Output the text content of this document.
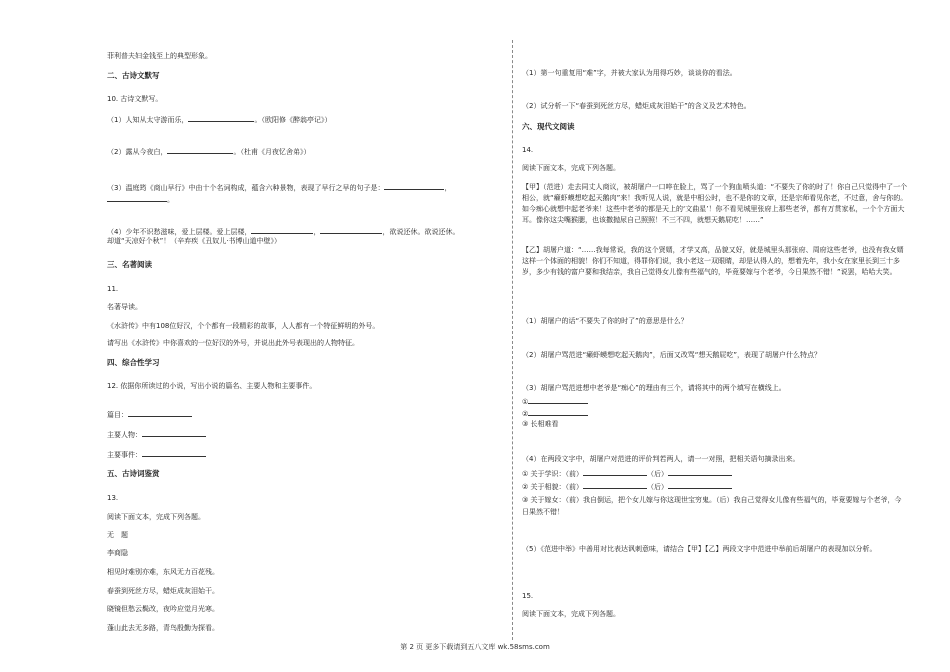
菲利普夫妇金钱至上的典型形象。
二、古诗文默写
10. 古诗文默写。
（1）人知从太守游而乐，	。（欧阳修《醉翁亭记》）
（2）露从今夜白，	。（杜甫《月夜忆舍弟》）
（3）温庭筠《商山早行》中由十个名词构成，蕴含六种景物，表现了早行之早的句子是：	，
。
（4）少年不识愁滋味，爱上层楼。爱上层楼，	，	，欲说还休。欲说还休。
却道“天凉好个秋”！（辛弃疾《丑奴儿·书博山道中壁》）
三、名著阅读
11.
名著导读。
《水浒传》中有108位好汉，个个都有一段精彩的故事，人人都有一个特征鲜明的外号。
请写出《水浒传》中你喜欢的一位好汉的外号，并说出此外号表现出的人物特征。
四、综合性学习
12. 依据你所读过的小说，写出小说的篇名、主要人物和主要事件。
篇目：
主要人物：
主要事件：
五、古诗词鉴赏
13.
阅读下面文本，完成下列各题。
无　题
李商隐
相见时难别亦难，东风无力百花残。
春蚕到死丝方尽，蜡炬成灰泪始干。
晓镜但愁云鬓改，夜吟应觉月光寒。
蓬山此去无多路，青鸟殷勤为探看。
（1）第一句重复用“难”字，并被大家认为用得巧妙，谈谈你的看法。
（2）试分析一下“春蚕到死丝方尽，蜡炬成灰泪始干”的含义及艺术特色。
六、现代文阅读
14.
阅读下面文本，完成下列各题。
【甲】（范进）走去同丈人商议，被胡屠户一口啐在脸上，骂了一个狗血喷头道：“不要失了你的时了！你自己只觉得中了一个相公，就“癞虾蟆想吃起天鹅肉”来！我听见人说，就是中相公时，也不是你的文章，还是宗师看见你老，不过意，舍与你的。如今痴心就想中起老爷来！这些中老爷的都是天上的‘文曲星’！你不看见城里张府上那些老爷，都有万贯家私，一个个方面大耳。像你这尖嘴猴腮，也该撒抛尿自己照照！不三不四，就想天鹅屁吃！……”
【乙】胡屠户道：“……我每常说，我的这个贤婿，才学又高，品貌又好，就是城里头那张府、周府这些老爷，也没有我女婿这样一个体面的相貌！你们不知道，得罪你们说，我小老这一双眼睛，却是认得人的，想着先年，我小女在家里长到三十多岁，多少有钱的富户要和我结亲，我自己觉得女儿像有些福气的，毕竟要嫁与个老爷，今日果然不错！”说罢，哈哈大笑。
（1）胡屠户的话“不要失了你的时了”的意思是什么？
（2）胡屠户骂范进“癞虾蟆想吃起天鹅肉”，后面又改骂“想天鹅屁吃”，表现了胡屠户什么特点？
（3）胡屠户骂范进想中老爷是“痴心”的理由有三个，请将其中的两个填写在横线上。
①
②
③ 长相难看
（4）在两段文字中，胡屠户对范进的评价判若两人，请一一对照，把相关语句摘录出来。
① 关于学识：（前）	（后）
② 关于相貌：（前）	（后）
③ 关于嫁女：（前）我自倒运，把个女儿嫁与你这现世宝穷鬼。（后）我自己觉得女儿像有些福气的，毕竟要嫁与个老爷，今日果然不错！
（5）《范进中举》中善用对比表达讽刺意味，请结合【甲】【乙】两段文字中范进中举前后胡屠户的表现加以分析。
15.
阅读下面文本，完成下列各题。
第 2 页 更多下载请到五八文库 wk.58sms.com
